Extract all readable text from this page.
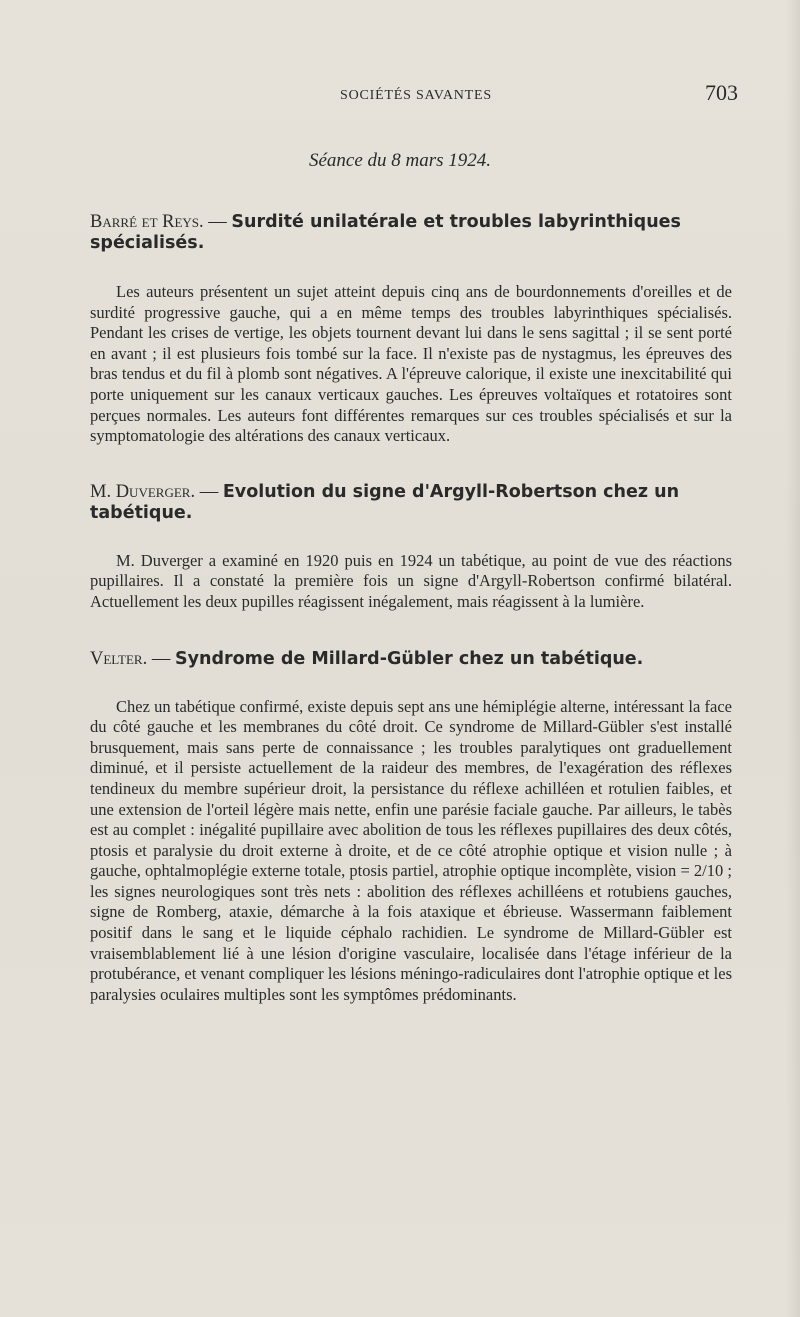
SOCIÉTÉS SAVANTES	703
Séance du 8 mars 1924.

Barré et Reys. — Surdité unilatérale et troubles labyrinthiques spécialisés.

Les auteurs présentent un sujet atteint depuis cinq ans de bourdonnements d'oreilles et de surdité progressive gauche, qui a en même temps des troubles labyrinthiques spécialisés. Pendant les crises de vertige, les objets tournent devant lui dans le sens sagittal ; il se sent porté en avant ; il est plusieurs fois tombé sur la face. Il n'existe pas de nystagmus, les épreuves des bras tendus et du fil à plomb sont négatives. A l'épreuve calorique, il existe une inexcitabilité qui porte uniquement sur les canaux verticaux gauches. Les épreuves voltaïques et rotatoires sont perçues normales. Les auteurs font différentes remarques sur ces troubles spécialisés et sur la symptomatologie des altérations des canaux verticaux.

M. Duverger. — Evolution du signe d'Argyll-Robertson chez un tabétique.

M. Duverger a examiné en 1920 puis en 1924 un tabétique, au point de vue des réactions pupillaires. Il a constaté la première fois un signe d'Argyll-Robertson confirmé bilatéral. Actuellement les deux pupilles réagissent inégalement, mais réagissent à la lumière.

Velter. — Syndrome de Millard-Gübler chez un tabétique.

Chez un tabétique confirmé, existe depuis sept ans une hémiplégie alterne, intéressant la face du côté gauche et les membranes du côté droit. Ce syndrome de Millard-Gübler s'est installé brusquement, mais sans perte de connaissance ; les troubles paralytiques ont graduellement diminué, et il persiste actuellement de la raideur des membres, de l'exagération des réflexes tendineux du membre supérieur droit, la persistance du réflexe achilléen et rotulien faibles, et une extension de l'orteil légère mais nette, enfin une parésie faciale gauche. Par ailleurs, le tabès est au complet : inégalité pupillaire avec abolition de tous les réflexes pupillaires des deux côtés, ptosis et paralysie du droit externe à droite, et de ce côté atrophie optique et vision nulle ; à gauche, ophtalmoplégie externe totale, ptosis partiel, atrophie optique incomplète, vision = 2/10 ; les signes neurologiques sont très nets : abolition des réflexes achilléens et rotubiens gauches, signe de Romberg, ataxie, démarche à la fois ataxique et ébrieuse. Wassermann faiblement positif dans le sang et le liquide céphalo rachidien. Le syndrome de Millard-Gübler est vraisemblablement lié à une lésion d'origine vasculaire, localisée dans l'étage inférieur de la protubérance, et venant compliquer les lésions méningo-radiculaires dont l'atrophie optique et les paralysies oculaires multiples sont les symptômes prédominants.
